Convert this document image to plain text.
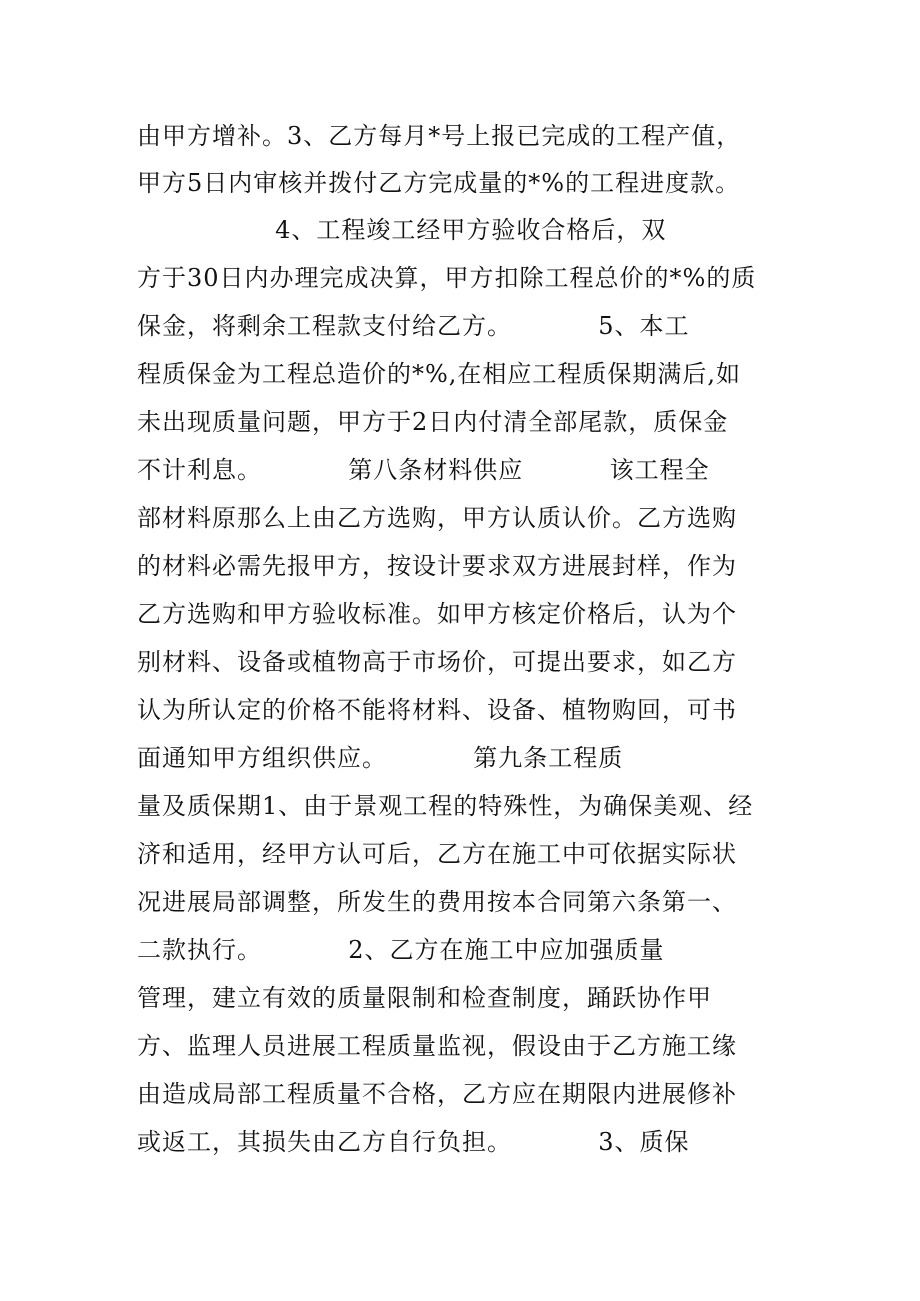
由甲方增补。3、乙方每月*号上报已完成的工程产值，
甲方5日内审核并拨付乙方完成量的*%的工程进度款。
4、工程竣工经甲方验收合格后，双
方于30日内办理完成决算，甲方扣除工程总价的*%的质
保金，将剩余工程款支付给乙方。          5、本工
程质保金为工程总造价的*%,在相应工程质保期满后,如
未出现质量问题，甲方于2日内付清全部尾款，质保金
不计利息。          第八条材料供应          该工程全
部材料原那么上由乙方选购，甲方认质认价。乙方选购
的材料必需先报甲方，按设计要求双方进展封样，作为
乙方选购和甲方验收标准。如甲方核定价格后，认为个
别材料、设备或植物高于市场价，可提出要求，如乙方
认为所认定的价格不能将材料、设备、植物购回，可书
面通知甲方组织供应。          第九条工程质
量及质保期1、由于景观工程的特殊性，为确保美观、经
济和适用，经甲方认可后，乙方在施工中可依据实际状
况进展局部调整，所发生的费用按本合同第六条第一、
二款执行。          2、乙方在施工中应加强质量
管理，建立有效的质量限制和检查制度，踊跃协作甲
方、监理人员进展工程质量监视，假设由于乙方施工缘
由造成局部工程质量不合格，乙方应在期限内进展修补
或返工，其损失由乙方自行负担。          3、质保
